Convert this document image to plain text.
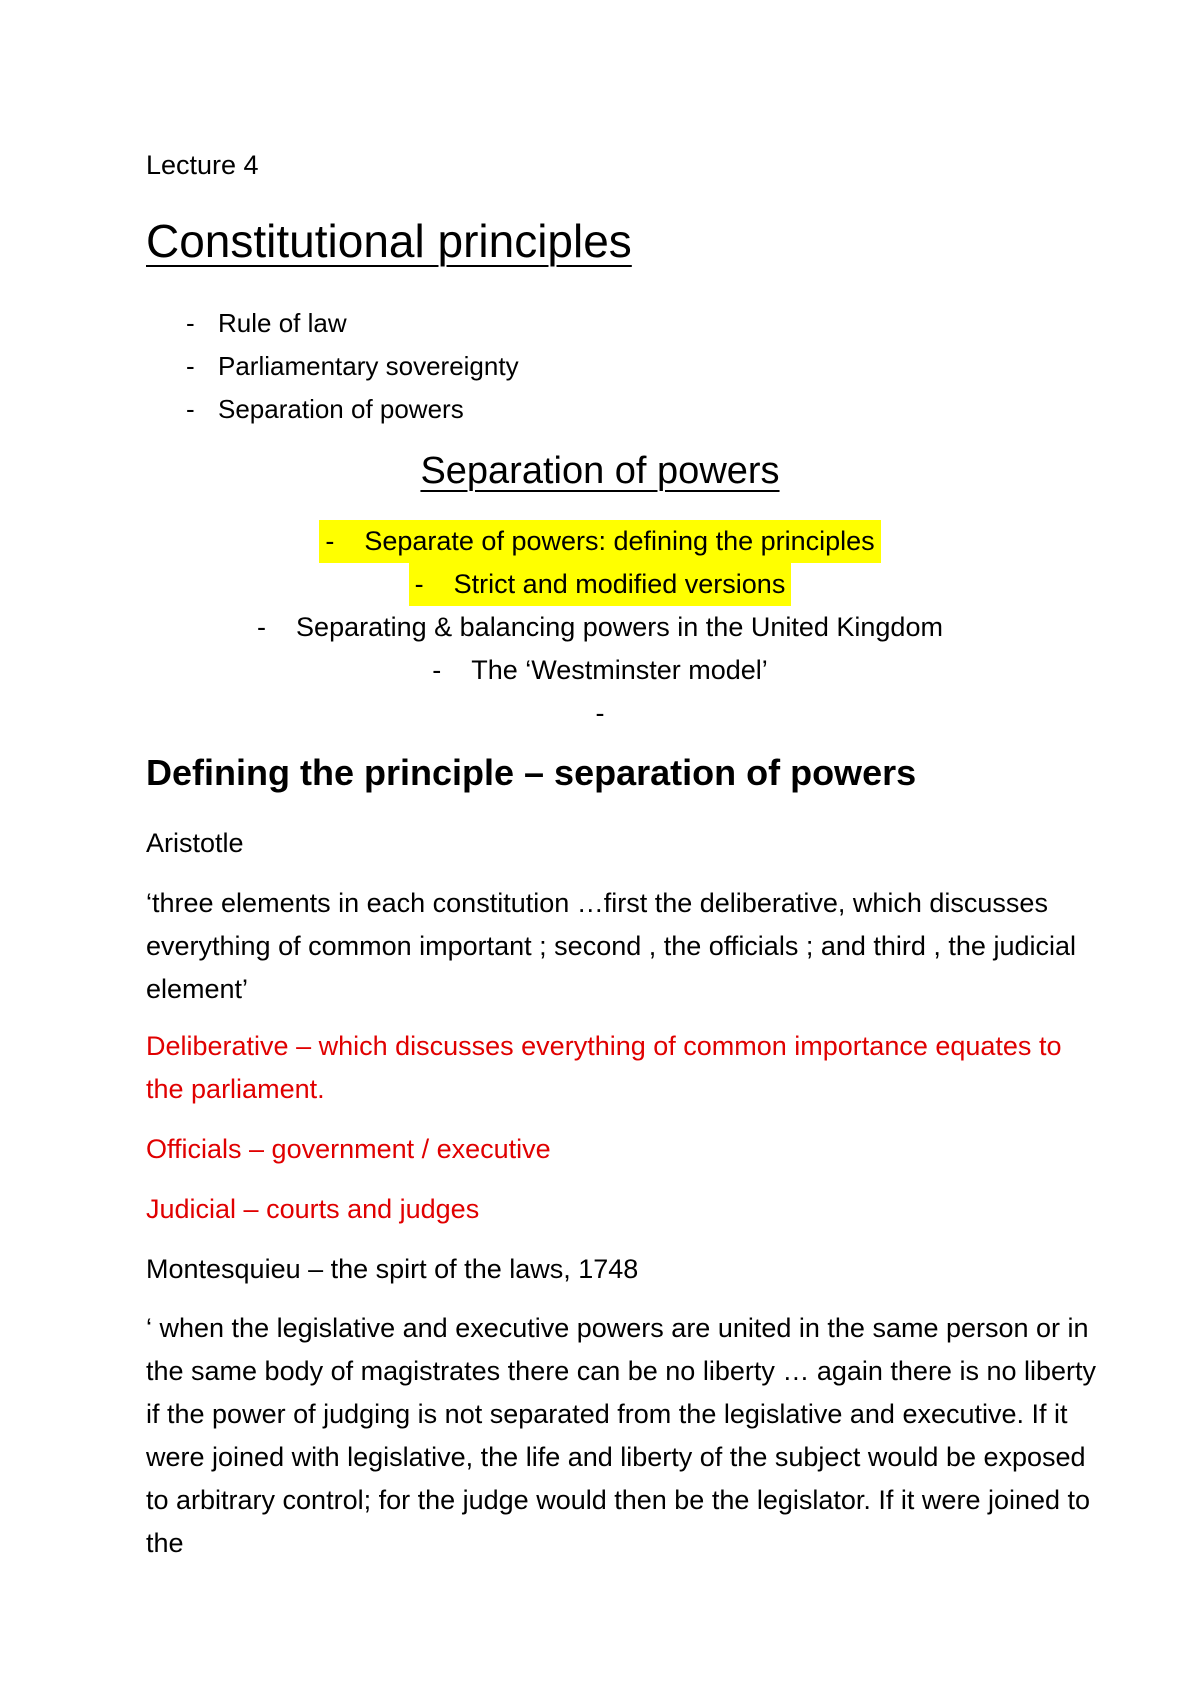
Lecture 4
Constitutional principles
- Rule of law
- Parliamentary sovereignty
- Separation of powers
Separation of powers
- Separate of powers: defining the principles
- Strict and modified versions
- Separating & balancing powers in the United Kingdom
- The ‘Westminster model’
-
Defining the principle – separation of powers
Aristotle
‘three elements in each constitution …first the deliberative, which discusses everything of common important ; second , the officials ; and third , the judicial element’
Deliberative – which discusses everything of common importance equates to the parliament.
Officials – government / executive
Judicial – courts and judges
Montesquieu – the spirt of the laws, 1748
‘ when the legislative and executive powers are united in the same person or in the same body of magistrates there can be no liberty … again there is no liberty if the power of judging is not separated from the legislative and executive. If it were joined with legislative, the life and liberty of the subject would be exposed to arbitrary control; for the judge would then be the legislator. If it were joined to the
